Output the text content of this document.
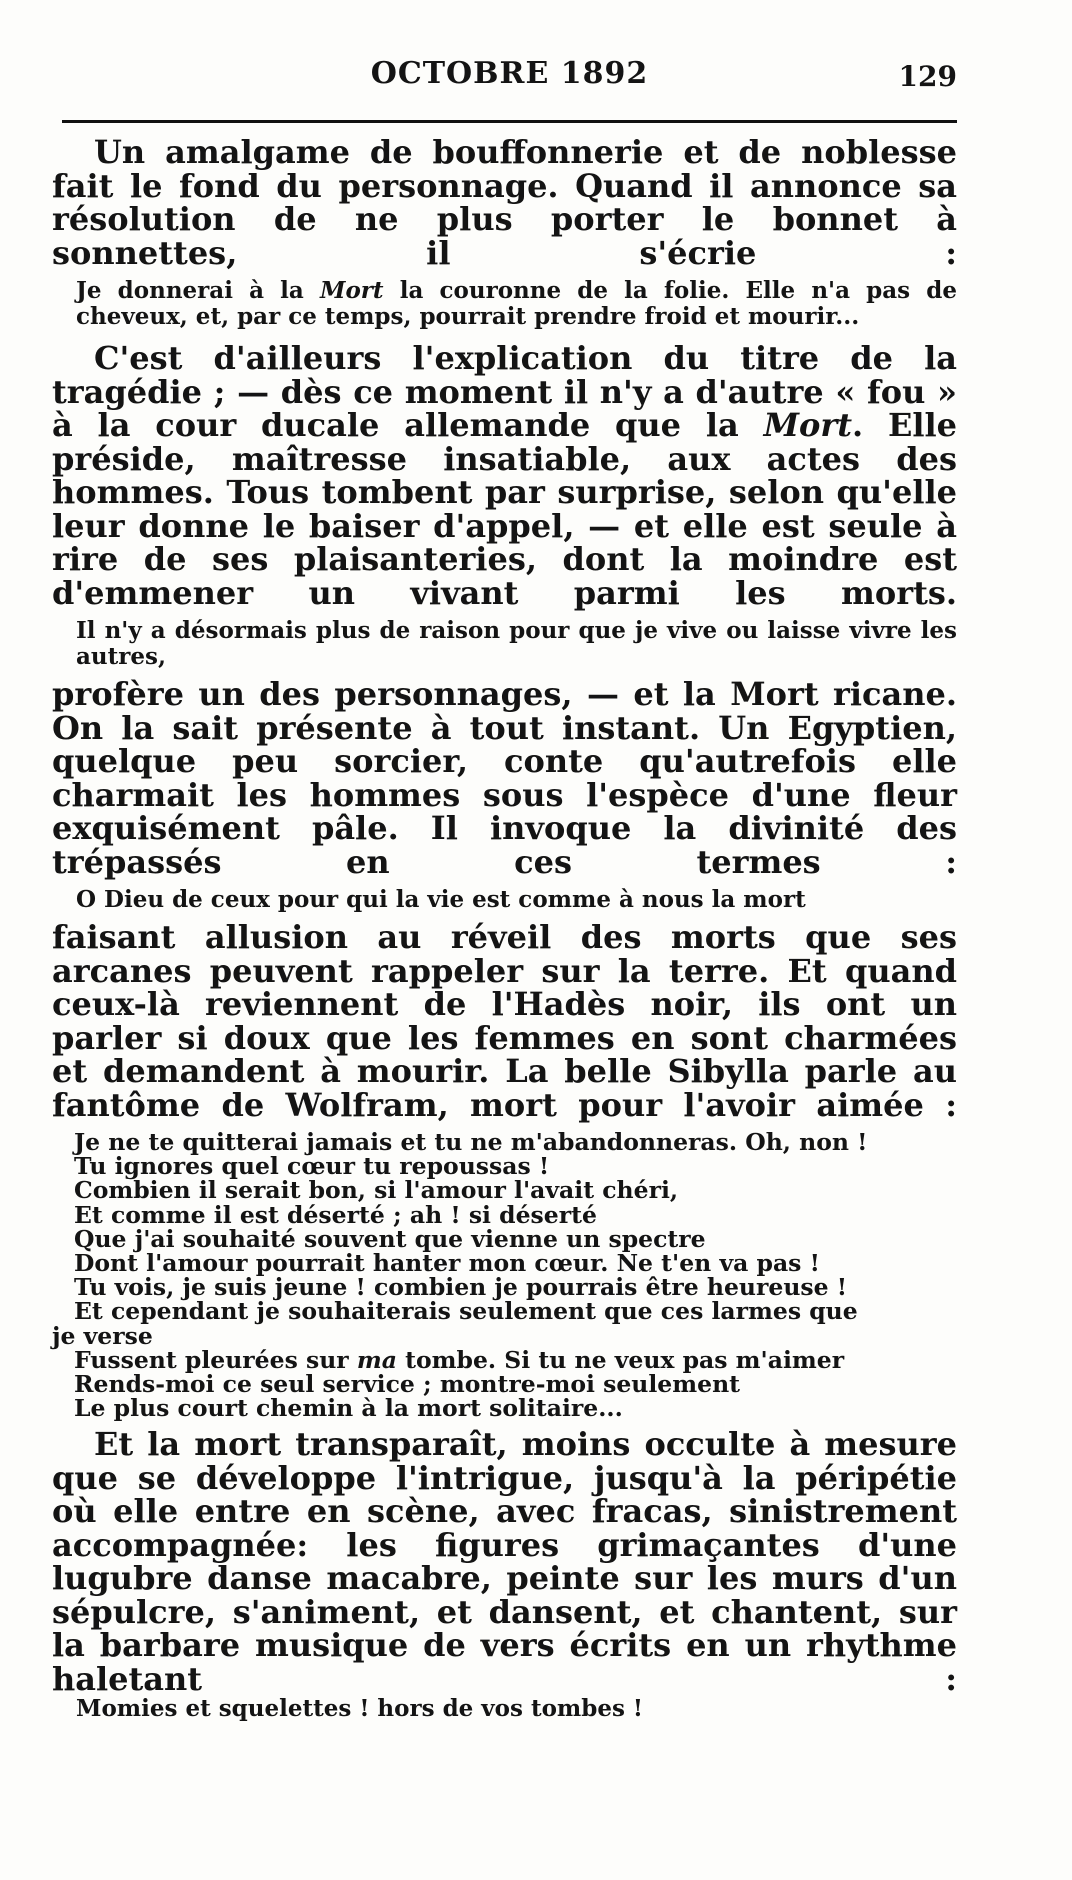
OCTOBRE 1892	129

Un amalgame de bouffonnerie et de noblesse fait le fond du personnage. Quand il annonce sa résolution de ne plus porter le bonnet à sonnettes, il s'écrie :

Je donnerai à la Mort la couronne de la folie. Elle n'a pas de cheveux, et, par ce temps, pourrait prendre froid et mourir...

C'est d'ailleurs l'explication du titre de la tragédie ; — dès ce moment il n'y a d'autre « fou » à la cour ducale allemande que la Mort. Elle préside, maîtresse insatiable, aux actes des hommes. Tous tombent par surprise, selon qu'elle leur donne le baiser d'appel, — et elle est seule à rire de ses plaisanteries, dont la moindre est d'emmener un vivant parmi les morts.

Il n'y a désormais plus de raison pour que je vive ou laisse vivre les autres,

profère un des personnages, — et la Mort ricane. On la sait présente à tout instant. Un Egyptien, quelque peu sorcier, conte qu'autrefois elle charmait les hommes sous l'espèce d'une fleur exquisément pâle. Il invoque la divinité des trépassés en ces termes :

O Dieu de ceux pour qui la vie est comme à nous la mort

faisant allusion au réveil des morts que ses arcanes peuvent rappeler sur la terre. Et quand ceux-là reviennent de l'Hadès noir, ils ont un parler si doux que les femmes en sont charmées et demandent à mourir. La belle Sibylla parle au fantôme de Wolfram, mort pour l'avoir aimée :

Je ne te quitterai jamais et tu ne m'abandonneras. Oh, non !
Tu ignores quel cœur tu repoussas !
Combien il serait bon, si l'amour l'avait chéri,
Et comme il est déserté ; ah ! si déserté
Que j'ai souhaité souvent que vienne un spectre
Dont l'amour pourrait hanter mon cœur. Ne t'en va pas !
Tu vois, je suis jeune ! combien je pourrais être heureuse !
Et cependant je souhaiterais seulement que ces larmes que
je verse
Fussent pleurées sur ma tombe. Si tu ne veux pas m'aimer
Rends-moi ce seul service ; montre-moi seulement
Le plus court chemin à la mort solitaire...

Et la mort transparaît, moins occulte à mesure que se développe l'intrigue, jusqu'à la péripétie où elle entre en scène, avec fracas, sinistrement accompagnée: les figures grimaçantes d'une lugubre danse macabre, peinte sur les murs d'un sépulcre, s'animent, et dansent, et chantent, sur la barbare musique de vers écrits en un rhythme haletant :

Momies et squelettes ! hors de vos tombes !
